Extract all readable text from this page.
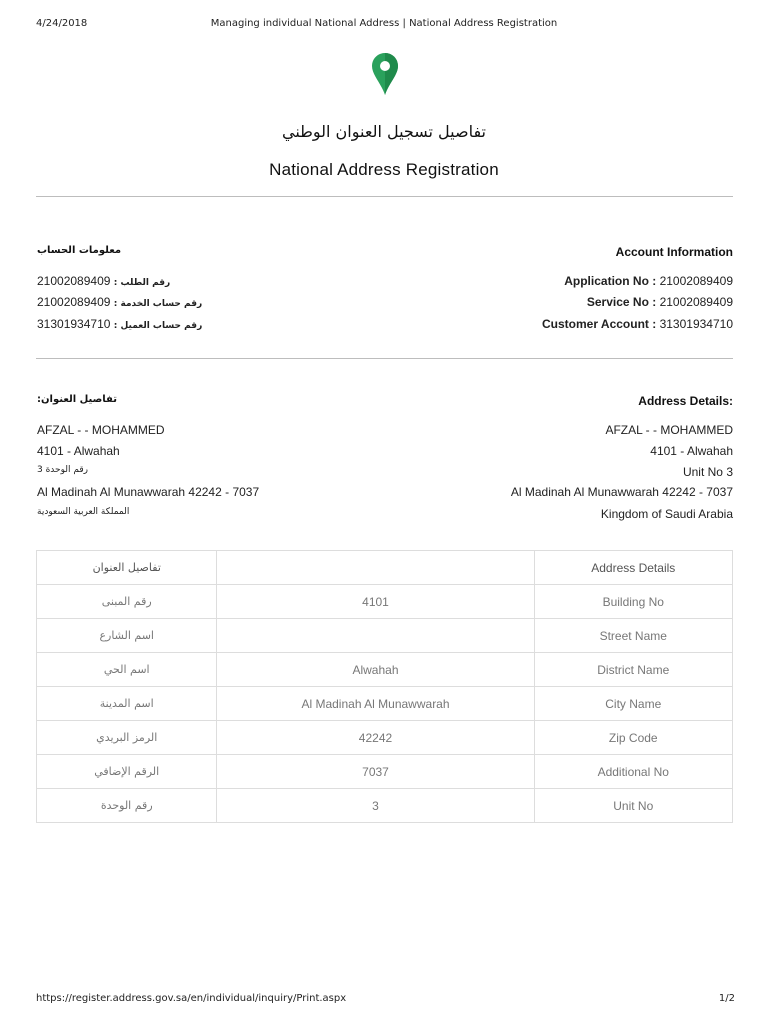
4/24/2018	Managing individual National Address | National Address Registration
تفاصيل تسجيل العنوان الوطني
National Address Registration
معلومات الحساب	Account Information
21002089409 رقم الطلب :	Application No : 21002089409
21002089409 رقم حساب الخدمة :	Service No : 21002089409
31301934710 رقم حساب العميل :	Customer Account : 31301934710
تفاصيل العنوان:	Address Details:
AFZAL - - MOHAMMED
4101 - Alwahah
رقم الوحدة 3
Al Madinah Al Munawwarah 42242 - 7037
المملكة العربية السعودية
AFZAL - - MOHAMMED
4101 - Alwahah
Unit No 3
Al Madinah Al Munawwarah 42242 - 7037
Kingdom of Saudi Arabia
تفاصيل العنوان		Address Details
رقم المبنى	4101	Building No
اسم الشارع		Street Name
اسم الحي	Alwahah	District Name
اسم المدينة	Al Madinah Al Munawwarah	City Name
الرمز البريدي	42242	Zip Code
الرقم الإضافي	7037	Additional No
رقم الوحدة	3	Unit No
https://register.address.gov.sa/en/individual/inquiry/Print.aspx	1/2
